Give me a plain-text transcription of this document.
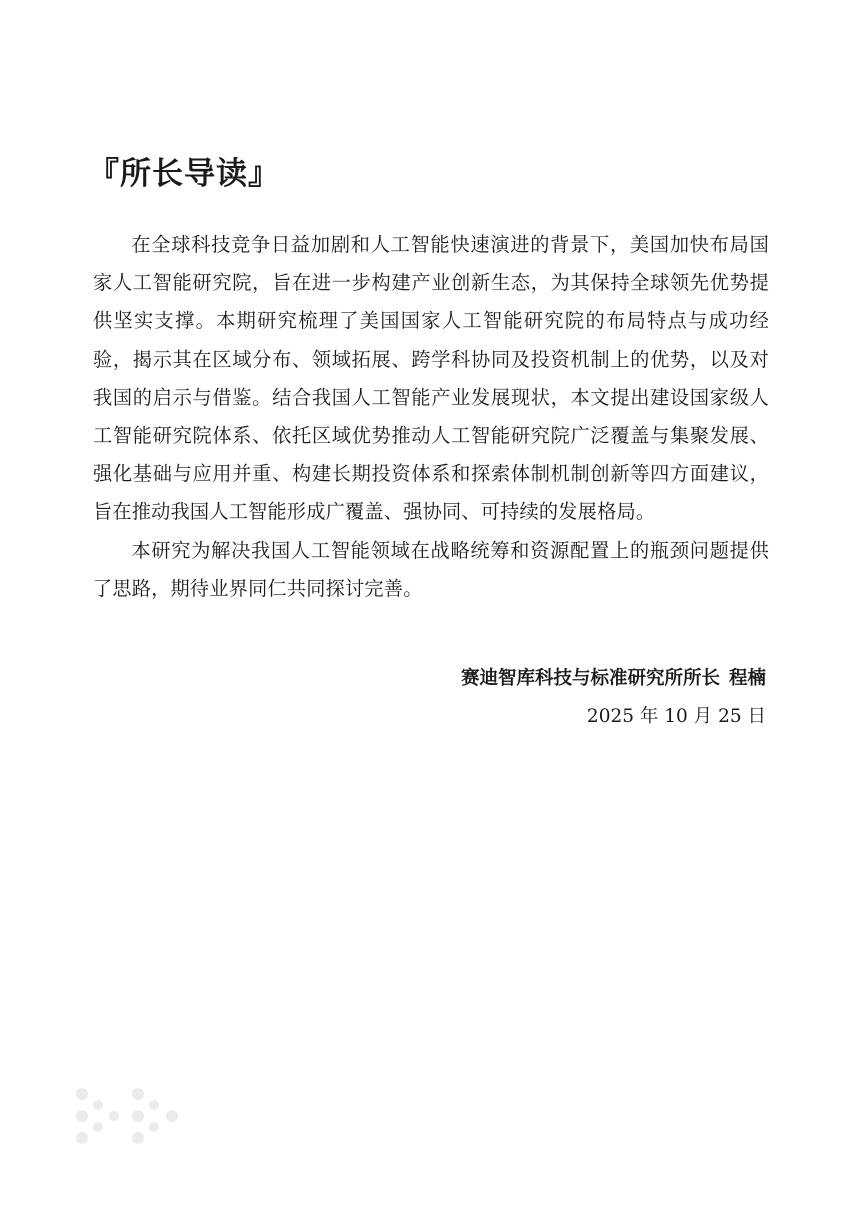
『所长导读』

在全球科技竞争日益加剧和人工智能快速演进的背景下，美国加快布局国家人工智能研究院，旨在进一步构建产业创新生态，为其保持全球领先优势提供坚实支撑。本期研究梳理了美国国家人工智能研究院的布局特点与成功经验，揭示其在区域分布、领域拓展、跨学科协同及投资机制上的优势，以及对我国的启示与借鉴。结合我国人工智能产业发展现状，本文提出建设国家级人工智能研究院体系、依托区域优势推动人工智能研究院广泛覆盖与集聚发展、强化基础与应用并重、构建长期投资体系和探索体制机制创新等四方面建议，旨在推动我国人工智能形成广覆盖、强协同、可持续的发展格局。

本研究为解决我国人工智能领域在战略统筹和资源配置上的瓶颈问题提供了思路，期待业界同仁共同探讨完善。

赛迪智库科技与标准研究所所长 程楠
2025 年 10 月 25 日
